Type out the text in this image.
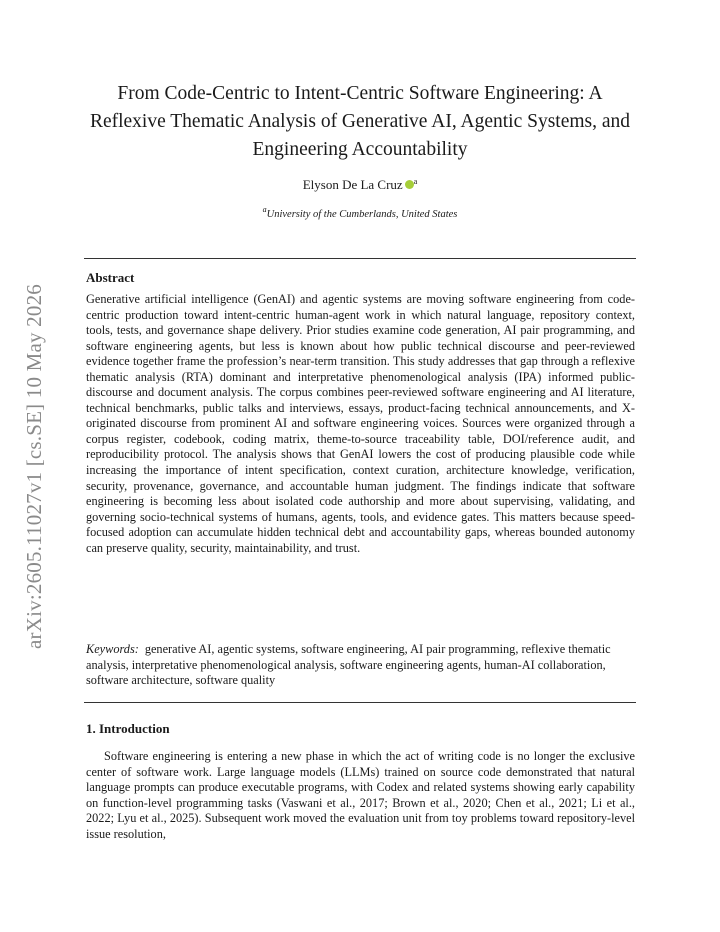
arXiv:2605.11027v1 [cs.SE] 10 May 2026
From Code-Centric to Intent-Centric Software Engineering: A Reflexive Thematic Analysis of Generative AI, Agentic Systems, and Engineering Accountability
Elyson De La Cruz $^a$
$^a$University of the Cumberlands, United States
Abstract
Generative artificial intelligence (GenAI) and agentic systems are moving software engineering from code-centric production toward intent-centric human-agent work in which natural language, repository context, tools, tests, and governance shape delivery. Prior studies examine code generation, AI pair programming, and software engineering agents, but less is known about how public technical discourse and peer-reviewed evidence together frame the profession’s near-term transition. This study addresses that gap through a reflexive thematic analysis (RTA) dominant and interpretative phenomenological analysis (IPA) informed public-discourse and document analysis. The corpus combines peer-reviewed software engineering and AI literature, technical benchmarks, public talks and interviews, essays, product-facing technical announcements, and X-originated discourse from prominent AI and software engineering voices. Sources were organized through a corpus register, codebook, coding matrix, theme-to-source traceability table, DOI/reference audit, and reproducibility protocol. The analysis shows that GenAI lowers the cost of producing plausible code while increasing the importance of intent specification, context curation, architecture knowledge, verification, security, provenance, governance, and accountable human judgment. The findings indicate that software engineering is becoming less about isolated code authorship and more about supervising, validating, and governing socio-technical systems of humans, agents, tools, and evidence gates. This matters because speed-focused adoption can accumulate hidden technical debt and accountability gaps, whereas bounded autonomy can preserve quality, security, maintainability, and trust.
Keywords: generative AI, agentic systems, software engineering, AI pair programming, reflexive thematic analysis, interpretative phenomenological analysis, software engineering agents, human-AI collaboration, software architecture, software quality
1. Introduction
Software engineering is entering a new phase in which the act of writing code is no longer the exclusive center of software work. Large language models (LLMs) trained on source code demonstrated that natural language prompts can produce executable programs, with Codex and related systems showing early capability on function-level programming tasks (Vaswani et al., 2017; Brown et al., 2020; Chen et al., 2021; Li et al., 2022; Lyu et al., 2025). Subsequent work moved the evaluation unit from toy problems toward repository-level issue resolution,
